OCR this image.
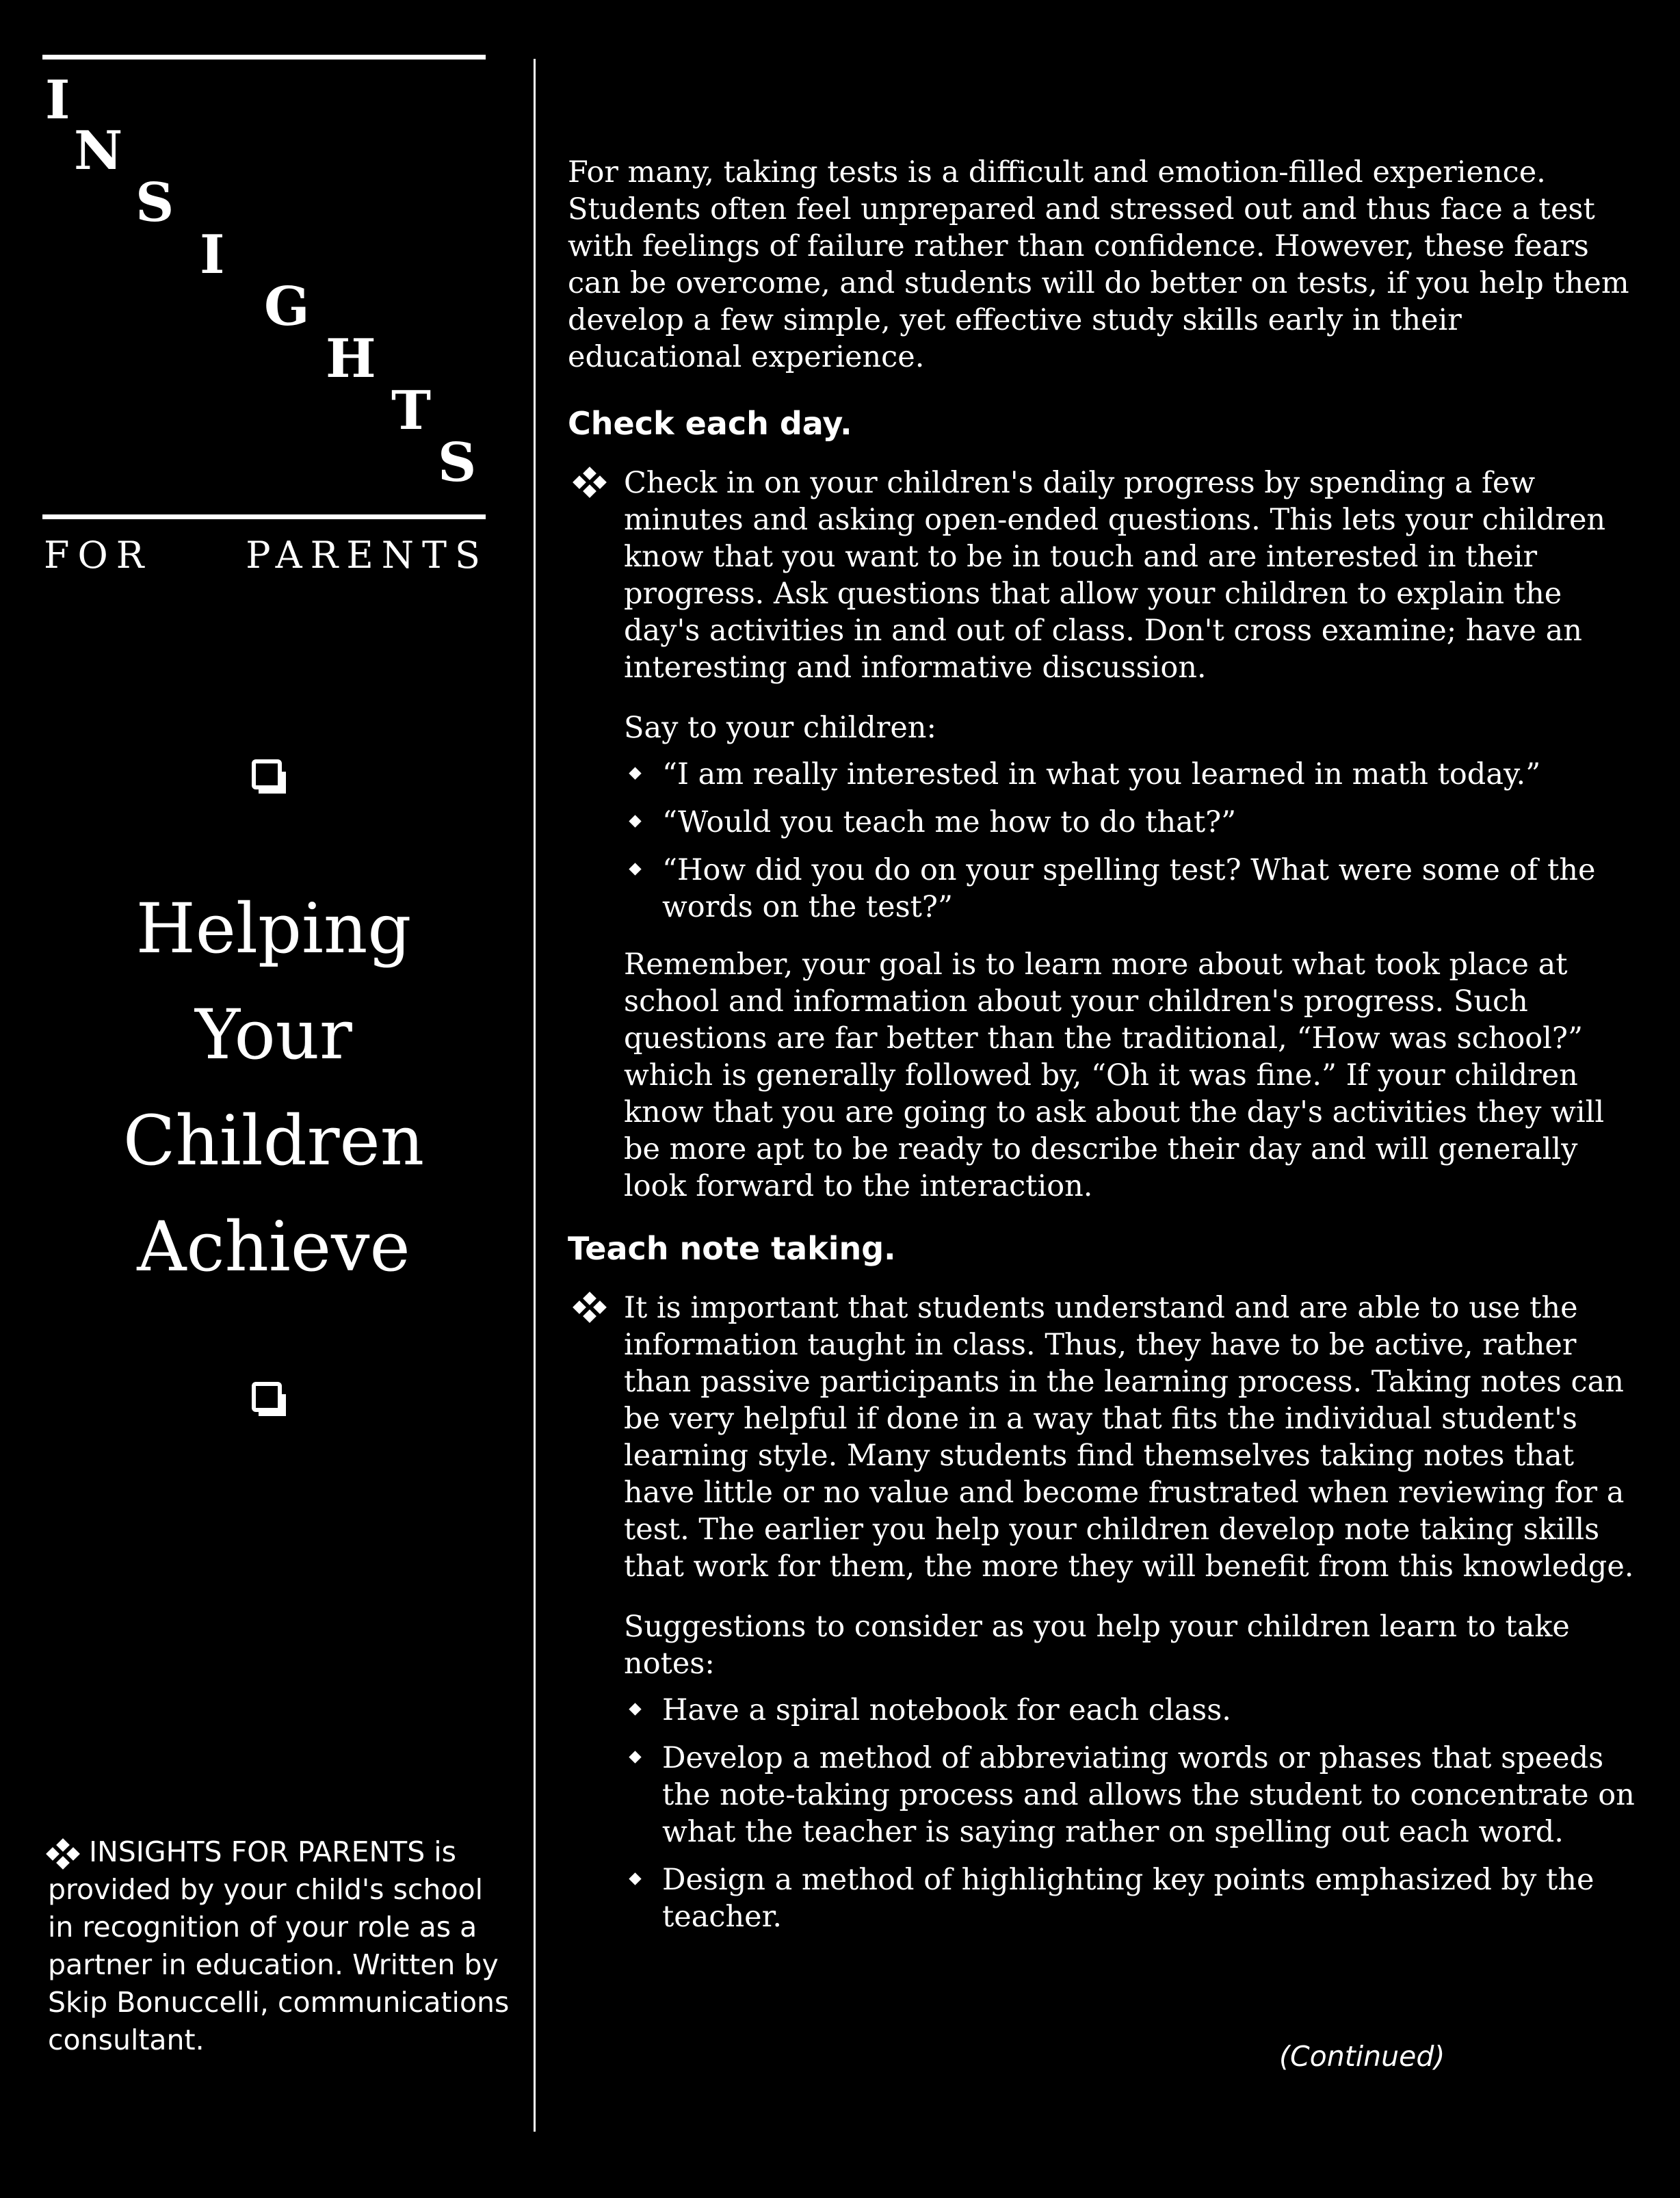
I
N
S
I
G
H
T
S
FOR	PARENTS
Helping
Your
Children
Achieve
INSIGHTS FOR PARENTS is provided by your child's school in recognition of your role as a partner in education. Written by Skip Bonuccelli, communications consultant.

For many, taking tests is a difficult and emotion-filled experience. Students often feel unprepared and stressed out and thus face a test with feelings of failure rather than confidence. However, these fears can be overcome, and students will do better on tests, if you help them develop a few simple, yet effective study skills early in their educational experience.

Check each day.

Check in on your children's daily progress by spending a few minutes and asking open-ended questions. This lets your children know that you want to be in touch and are interested in their progress. Ask questions that allow your children to explain the day's activities in and out of class. Don't cross examine; have an interesting and informative discussion.

Say to your children:

“I am really interested in what you learned in math today.”
“Would you teach me how to do that?”
“How did you do on your spelling test? What were some of the words on the test?”

Remember, your goal is to learn more about what took place at school and information about your children's progress. Such questions are far better than the traditional, “How was school?” which is generally followed by, “Oh it was fine.” If your children know that you are going to ask about the day's activities they will be more apt to be ready to describe their day and will generally look forward to the interaction.

Teach note taking.

It is important that students understand and are able to use the information taught in class. Thus, they have to be active, rather than passive participants in the learning process. Taking notes can be very helpful if done in a way that fits the individual student's learning style. Many students find themselves taking notes that have little or no value and become frustrated when reviewing for a test. The earlier you help your children develop note taking skills that work for them, the more they will benefit from this knowledge.

Suggestions to consider as you help your children learn to take notes:

Have a spiral notebook for each class.
Develop a method of abbreviating words or phases that speeds the note-taking process and allows the student to concentrate on what the teacher is saying rather on spelling out each word.
Design a method of highlighting key points emphasized by the teacher.
(Continued)
